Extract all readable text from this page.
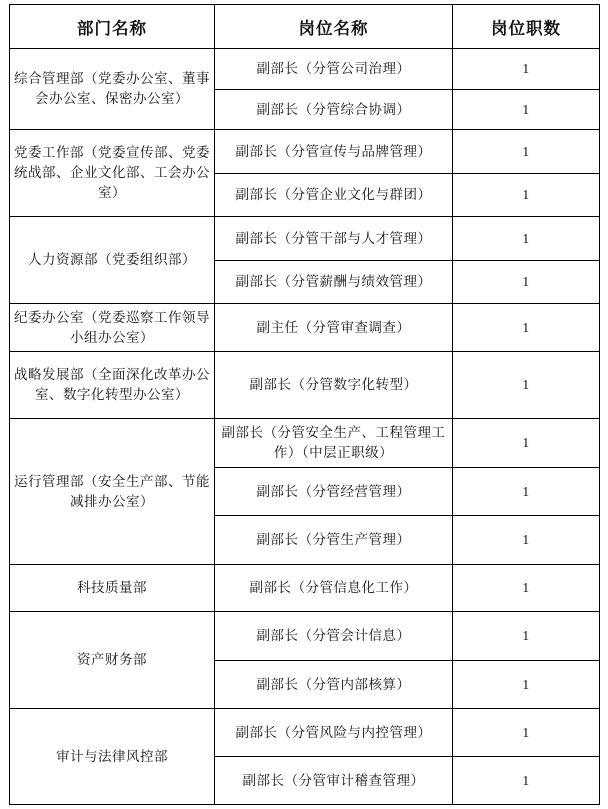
部门名称	岗位名称	岗位职数
综合管理部（党委办公室、董事会办公室、保密办公室）	副部长（分管公司治理）	1
	副部长（分管综合协调）	1
党委工作部（党委宣传部、党委统战部、企业文化部、工会办公室）	副部长（分管宣传与品牌管理）	1
	副部长（分管企业文化与群团）	1
人力资源部（党委组织部）	副部长（分管干部与人才管理）	1
	副部长（分管薪酬与绩效管理）	1
纪委办公室（党委巡察工作领导小组办公室）	副主任（分管审查调查）	1
战略发展部（全面深化改革办公室、数字化转型办公室）	副部长（分管数字化转型）	1
运行管理部（安全生产部、节能减排办公室）	副部长（分管安全生产、工程管理工作）（中层正职级）	1
	副部长（分管经营管理）	1
	副部长（分管生产管理）	1
科技质量部	副部长（分管信息化工作）	1
资产财务部	副部长（分管会计信息）	1
	副部长（分管内部核算）	1
审计与法律风控部	副部长（分管风险与内控管理）	1
	副部长（分管审计稽查管理）	1
